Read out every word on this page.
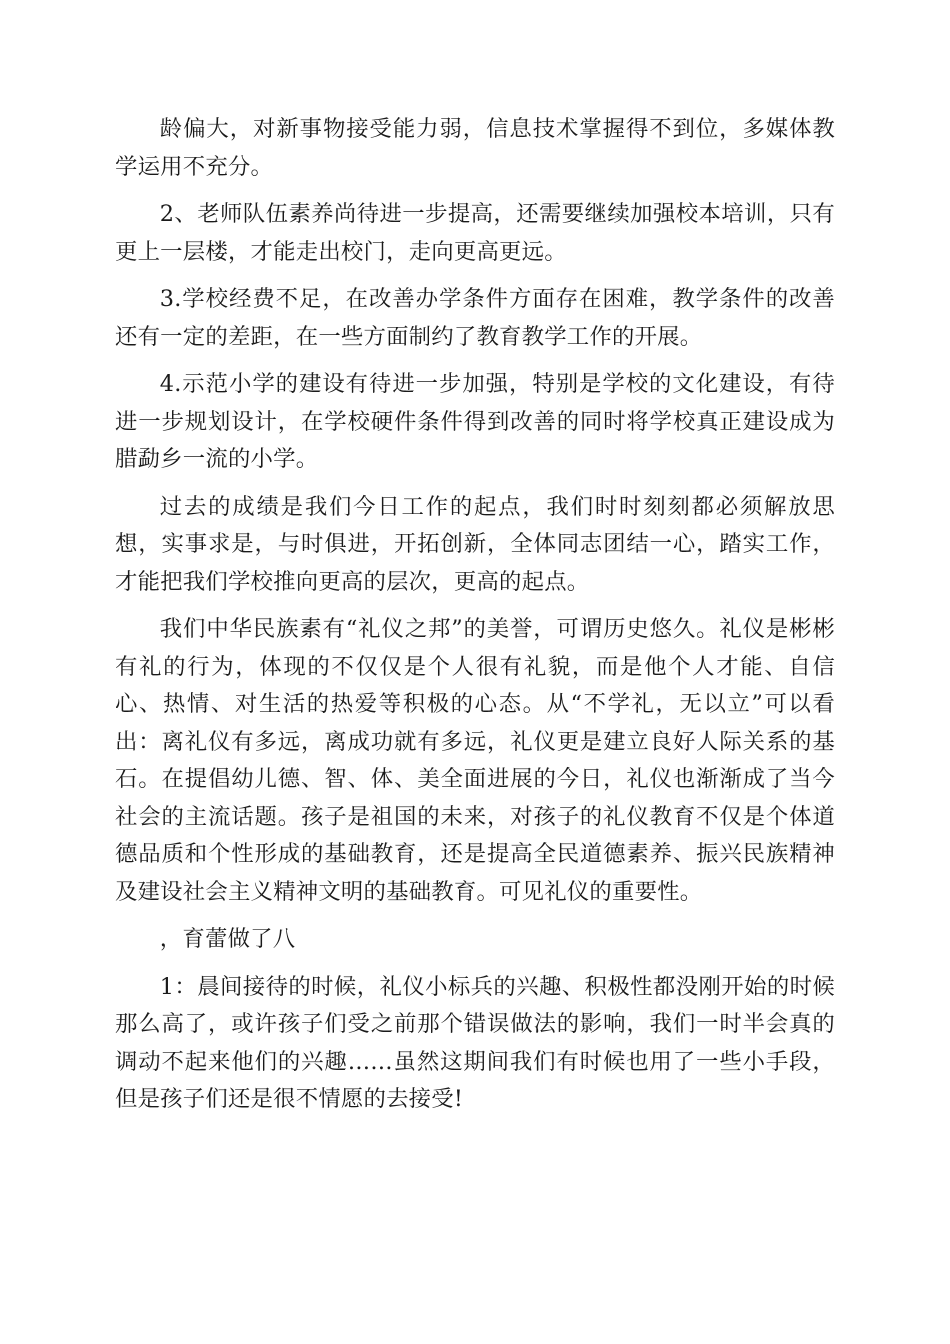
龄偏大，对新事物接受能力弱，信息技术掌握得不到位，多媒体教学运用不充分。

2、老师队伍素养尚待进一步提高，还需要继续加强校本培训，只有更上一层楼，才能走出校门，走向更高更远。

3.学校经费不足，在改善办学条件方面存在困难，教学条件的改善还有一定的差距，在一些方面制约了教育教学工作的开展。

4.示范小学的建设有待进一步加强，特别是学校的文化建设，有待进一步规划设计，在学校硬件条件得到改善的同时将学校真正建设成为腊勐乡一流的小学。

过去的成绩是我们今日工作的起点，我们时时刻刻都必须解放思想，实事求是，与时俱进，开拓创新，全体同志团结一心，踏实工作，才能把我们学校推向更高的层次，更高的起点。

我们中华民族素有“礼仪之邦”的美誉，可谓历史悠久。礼仪是彬彬有礼的行为，体现的不仅仅是个人很有礼貌，而是他个人才能、自信心、热情、对生活的热爱等积极的心态。从“不学礼，无以立”可以看出：离礼仪有多远，离成功就有多远，礼仪更是建立良好人际关系的基石。在提倡幼儿德、智、体、美全面进展的今日，礼仪也渐渐成了当今社会的主流话题。孩子是祖国的未来，对孩子的礼仪教育不仅是个体道德品质和个性形成的基础教育，还是提高全民道德素养、振兴民族精神及建设社会主义精神文明的基础教育。可见礼仪的重要性。

，育蕾做了八

1：晨间接待的时候，礼仪小标兵的兴趣、积极性都没刚开始的时候那么高了，或许孩子们受之前那个错误做法的影响，我们一时半会真的调动不起来他们的兴趣……虽然这期间我们有时候也用了一些小手段，但是孩子们还是很不情愿的去接受!
